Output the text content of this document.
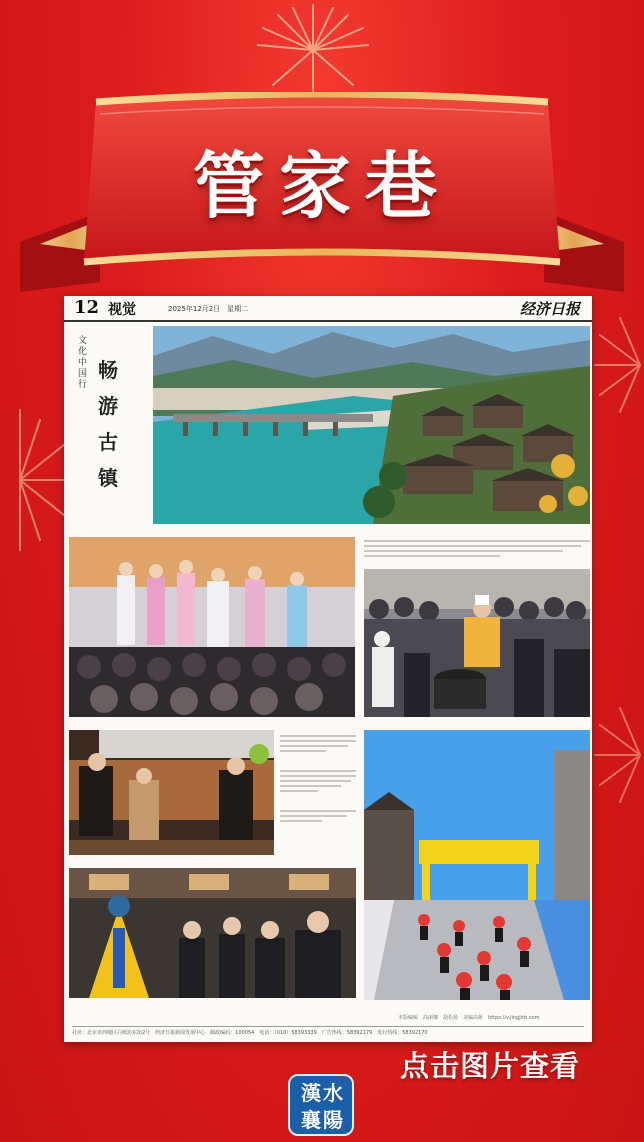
管家巷
12 视觉	2025年12月2日　星期二	经济日报
文化中国行
畅游古镇
本版编辑　高丽娜　胡松扬　美编高妍　https://v.jingjirb.com
社址：北京市西城区白纸坊东街2号　经济日报新闻发展中心　邮政编码：100054　电话：（010）58393339　广告热线：58392179　发行热线：58392170
点击图片查看
漢水
襄陽
